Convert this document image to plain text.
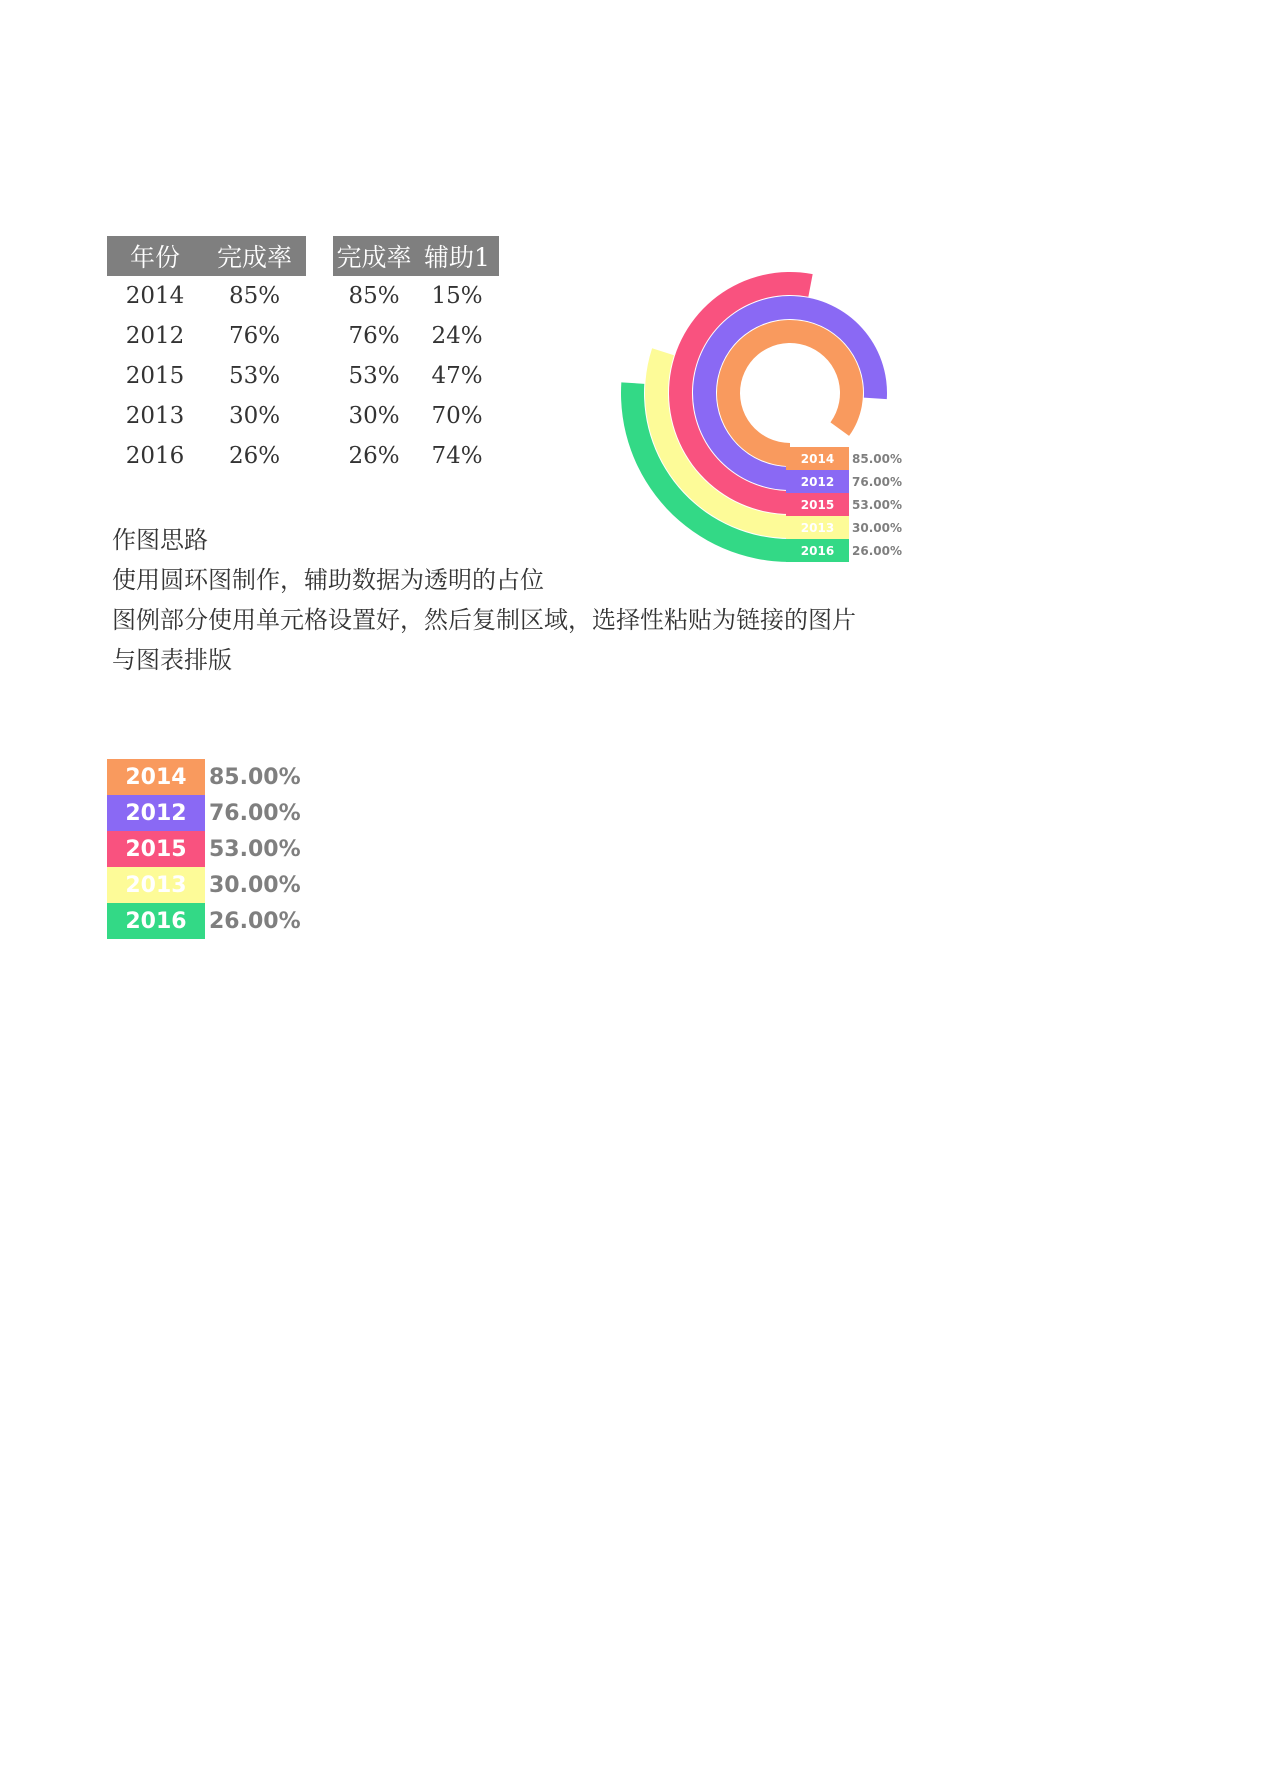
年份	完成率
2014	85%
2012	76%
2015	53%
2013	30%
2016	26%
完成率	辅助1
85%	15%
76%	24%
53%	47%
30%	70%
26%	74%
作图思路
使用圆环图制作，辅助数据为透明的占位
图例部分使用单元格设置好，然后复制区域，选择性粘贴为链接的图片
与图表排版
2014	85.00%
2012	76.00%
2015	53.00%
2013	30.00%
2016	26.00%
2014	85.00%
2012	76.00%
2015	53.00%
2013	30.00%
2016	26.00%
